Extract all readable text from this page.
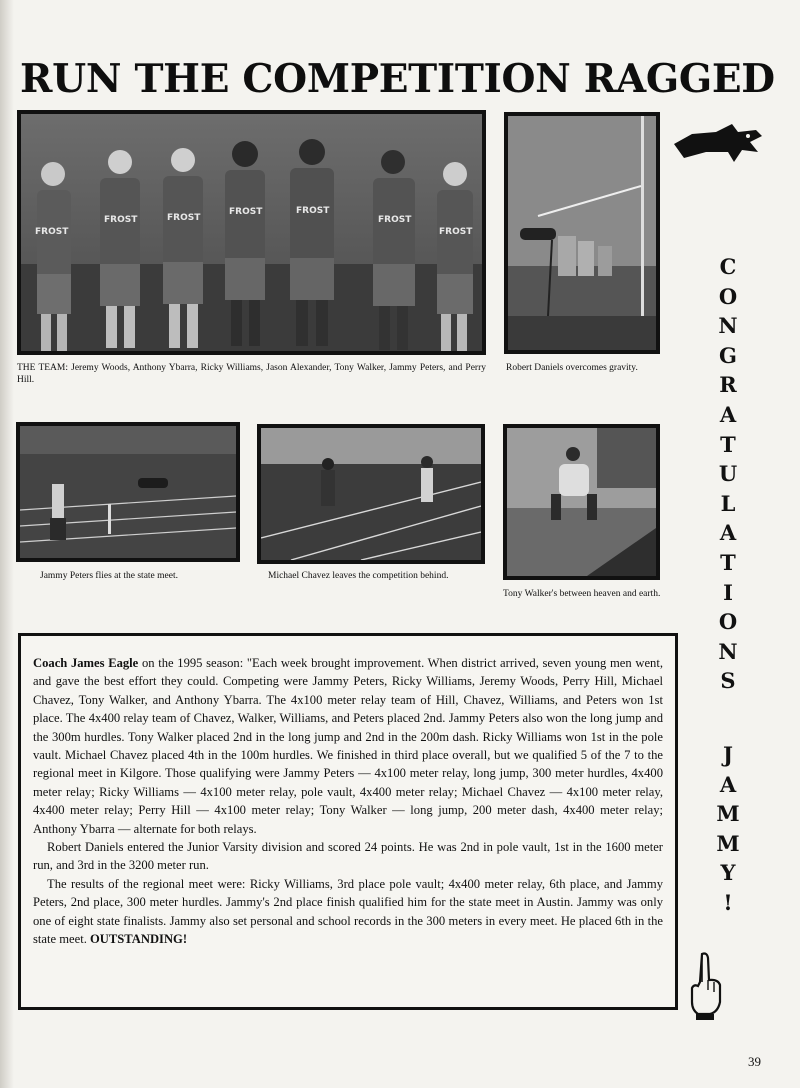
RUN THE COMPETITION RAGGED
FROST
FROST	FROST
FROST	FROST
FROST
FROST
THE TEAM: Jeremy Woods, Anthony Ybarra, Ricky Williams, Jason Alexander, Tony Walker, Jammy Peters, and Perry Hill.
Robert Daniels overcomes gravity.
Jammy Peters flies at the state meet.	Michael Chavez leaves the competition behind.
Tony Walker's between heaven and earth.
C
O
N
G
R
A
T
U
L
A
T
I
O
N
S
J
A
M
M
Y
!

Coach James Eagle on the 1995 season: "Each week brought improvement. When district arrived, seven young men went, and gave the best effort they could. Competing were Jammy Peters, Ricky Williams, Jeremy Woods, Perry Hill, Michael Chavez, Tony Walker, and Anthony Ybarra. The 4x100 meter relay team of Hill, Chavez, Williams, and Peters won 1st place. The 4x400 relay team of Chavez, Walker, Williams, and Peters placed 2nd. Jammy Peters also won the long jump and the 300m hurdles. Tony Walker placed 2nd in the long jump and 2nd in the 200m dash. Ricky Williams won 1st in the pole vault. Michael Chavez placed 4th in the 100m hurdles. We finished in third place overall, but we qualified 5 of the 7 to the regional meet in Kilgore. Those qualifying were Jammy Peters — 4x100 meter relay, long jump, 300 meter hurdles, 4x400 meter relay; Ricky Williams — 4x100 meter relay, pole vault, 4x400 meter relay; Michael Chavez — 4x100 meter relay, 4x400 meter relay; Perry Hill — 4x100 meter relay; Tony Walker — long jump, 200 meter dash, 4x400 meter relay; Anthony Ybarra — alternate for both relays.

Robert Daniels entered the Junior Varsity division and scored 24 points. He was 2nd in pole vault, 1st in the 1600 meter run, and 3rd in the 3200 meter run.

The results of the regional meet were: Ricky Williams, 3rd place pole vault; 4x400 meter relay, 6th place, and Jammy Peters, 2nd place, 300 meter hurdles. Jammy's 2nd place finish qualified him for the state meet in Austin. Jammy was only one of eight state finalists. Jammy also set personal and school records in the 300 meters in every meet. He placed 6th in the state meet. OUTSTANDING!

39
